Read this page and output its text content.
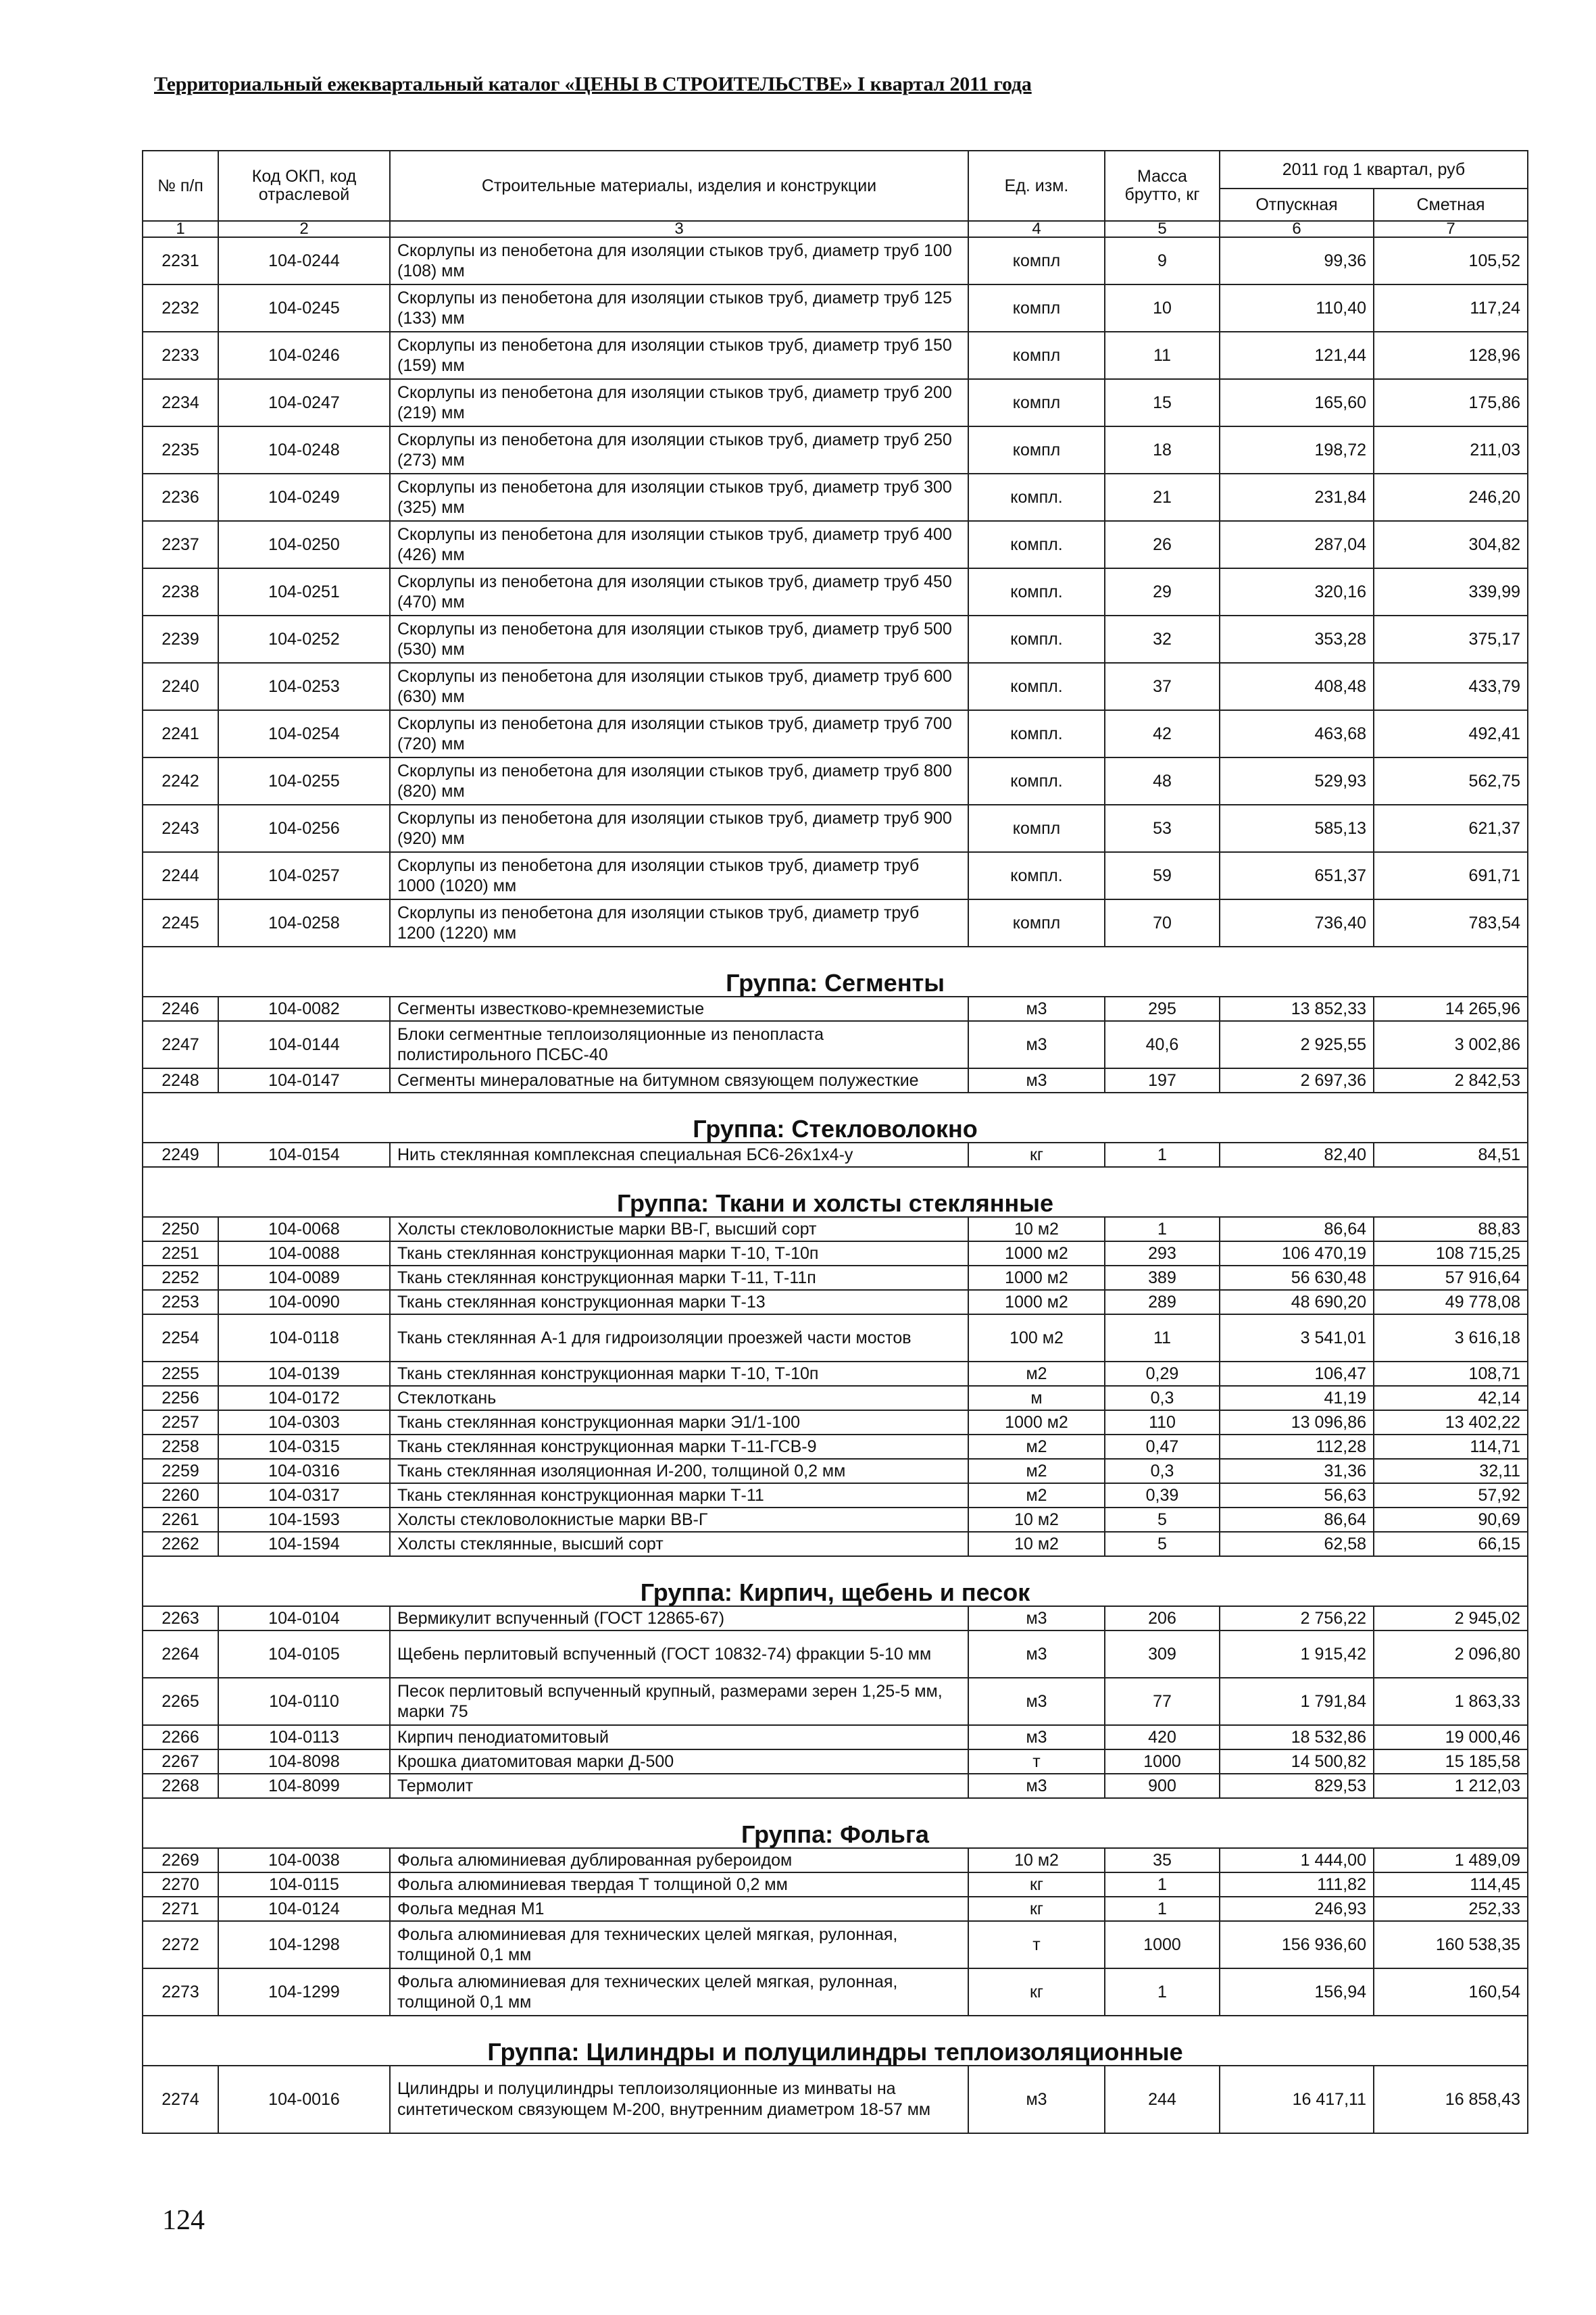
Территориальный ежеквартальный каталог «ЦЕНЫ В СТРОИТЕЛЬСТВЕ» I квартал 2011 года
№ п/п	Код ОКП, код отраслевой	Строительные материалы, изделия и конструкции	Ед. изм.	Масса брутто, кг	2011 год 1 квартал, руб	
					Отпускная	Сметная
1	2	3	4	5	6	7
2231	104-0244	Скорлупы из пенобетона для изоляции стыков труб, диаметр труб 100 (108) мм	компл	9	99,36	105,52
2232	104-0245	Скорлупы из пенобетона для изоляции стыков труб, диаметр труб 125 (133) мм	компл	10	110,40	117,24
2233	104-0246	Скорлупы из пенобетона для изоляции стыков труб, диаметр труб 150 (159) мм	компл	11	121,44	128,96
2234	104-0247	Скорлупы из пенобетона для изоляции стыков труб, диаметр труб 200 (219) мм	компл	15	165,60	175,86
2235	104-0248	Скорлупы из пенобетона для изоляции стыков труб, диаметр труб 250 (273) мм	компл	18	198,72	211,03
2236	104-0249	Скорлупы из пенобетона для изоляции стыков труб, диаметр труб 300 (325) мм	компл.	21	231,84	246,20
2237	104-0250	Скорлупы из пенобетона для изоляции стыков труб, диаметр труб 400 (426) мм	компл.	26	287,04	304,82
2238	104-0251	Скорлупы из пенобетона для изоляции стыков труб, диаметр труб 450 (470) мм	компл.	29	320,16	339,99
2239	104-0252	Скорлупы из пенобетона для изоляции стыков труб, диаметр труб 500 (530) мм	компл.	32	353,28	375,17
2240	104-0253	Скорлупы из пенобетона для изоляции стыков труб, диаметр труб 600 (630) мм	компл.	37	408,48	433,79
2241	104-0254	Скорлупы из пенобетона для изоляции стыков труб, диаметр труб 700 (720) мм	компл.	42	463,68	492,41
2242	104-0255	Скорлупы из пенобетона для изоляции стыков труб, диаметр труб 800 (820) мм	компл.	48	529,93	562,75
2243	104-0256	Скорлупы из пенобетона для изоляции стыков труб, диаметр труб 900 (920) мм	компл	53	585,13	621,37
2244	104-0257	Скорлупы из пенобетона для изоляции стыков труб, диаметр труб 1000 (1020) мм	компл.	59	651,37	691,71
2245	104-0258	Скорлупы из пенобетона для изоляции стыков труб, диаметр труб 1200 (1220) мм	компл	70	736,40	783,54
Группа: Сегменты						
2246	104-0082	Сегменты известково-кремнеземистые	м3	295	13 852,33	14 265,96
2247	104-0144	Блоки сегментные теплоизоляционные из пенопласта полистирольного ПСБС-40	м3	40,6	2 925,55	3 002,86
2248	104-0147	Сегменты минераловатные на битумном связующем полужесткие	м3	197	2 697,36	2 842,53
Группа: Стекловолокно						
2249	104-0154	Нить стеклянная комплексная специальная БС6-26х1х4-у	кг	1	82,40	84,51
Группа: Ткани и холсты стеклянные						
2250	104-0068	Холсты стекловолокнистые марки ВВ-Г, высший сорт	10 м2	1	86,64	88,83
2251	104-0088	Ткань стеклянная конструкционная марки Т-10, Т-10п	1000 м2	293	106 470,19	108 715,25
2252	104-0089	Ткань стеклянная конструкционная марки Т-11, Т-11п	1000 м2	389	56 630,48	57 916,64
2253	104-0090	Ткань стеклянная конструкционная марки Т-13	1000 м2	289	48 690,20	49 778,08
2254	104-0118	Ткань стеклянная А-1 для гидроизоляции проезжей части мостов	100 м2	11	3 541,01	3 616,18
2255	104-0139	Ткань стеклянная конструкционная марки Т-10, Т-10п	м2	0,29	106,47	108,71
2256	104-0172	Стеклоткань	м	0,3	41,19	42,14
2257	104-0303	Ткань стеклянная конструкционная марки Э1/1-100	1000 м2	110	13 096,86	13 402,22
2258	104-0315	Ткань стеклянная конструкционная марки Т-11-ГСВ-9	м2	0,47	112,28	114,71
2259	104-0316	Ткань стеклянная изоляционная И-200, толщиной 0,2 мм	м2	0,3	31,36	32,11
2260	104-0317	Ткань стеклянная конструкционная марки Т-11	м2	0,39	56,63	57,92
2261	104-1593	Холсты стекловолокнистые марки ВВ-Г	10 м2	5	86,64	90,69
2262	104-1594	Холсты стеклянные, высший сорт	10 м2	5	62,58	66,15
Группа: Кирпич, щебень и песок						
2263	104-0104	Вермикулит вспученный (ГОСТ 12865-67)	м3	206	2 756,22	2 945,02
2264	104-0105	Щебень перлитовый вспученный (ГОСТ 10832-74) фракции 5-10 мм	м3	309	1 915,42	2 096,80
2265	104-0110	Песок перлитовый вспученный крупный, размерами зерен 1,25-5 мм, марки 75	м3	77	1 791,84	1 863,33
2266	104-0113	Кирпич пенодиатомитовый	м3	420	18 532,86	19 000,46
2267	104-8098	Крошка диатомитовая марки Д-500	т	1000	14 500,82	15 185,58
2268	104-8099	Термолит	м3	900	829,53	1 212,03
Группа: Фольга						
2269	104-0038	Фольга алюминиевая дублированная рубероидом	10 м2	35	1 444,00	1 489,09
2270	104-0115	Фольга алюминиевая твердая Т толщиной 0,2 мм	кг	1	111,82	114,45
2271	104-0124	Фольга медная М1	кг	1	246,93	252,33
2272	104-1298	Фольга алюминиевая для технических целей мягкая, рулонная, толщиной 0,1 мм	т	1000	156 936,60	160 538,35
2273	104-1299	Фольга алюминиевая для технических целей мягкая, рулонная, толщиной 0,1 мм	кг	1	156,94	160,54
Группа: Цилиндры и полуцилиндры теплоизоляционные						
2274	104-0016	Цилиндры и полуцилиндры теплоизоляционные из минваты на синтетическом связующем М-200, внутренним диаметром 18-57 мм	м3	244	16 417,11	16 858,43
124
